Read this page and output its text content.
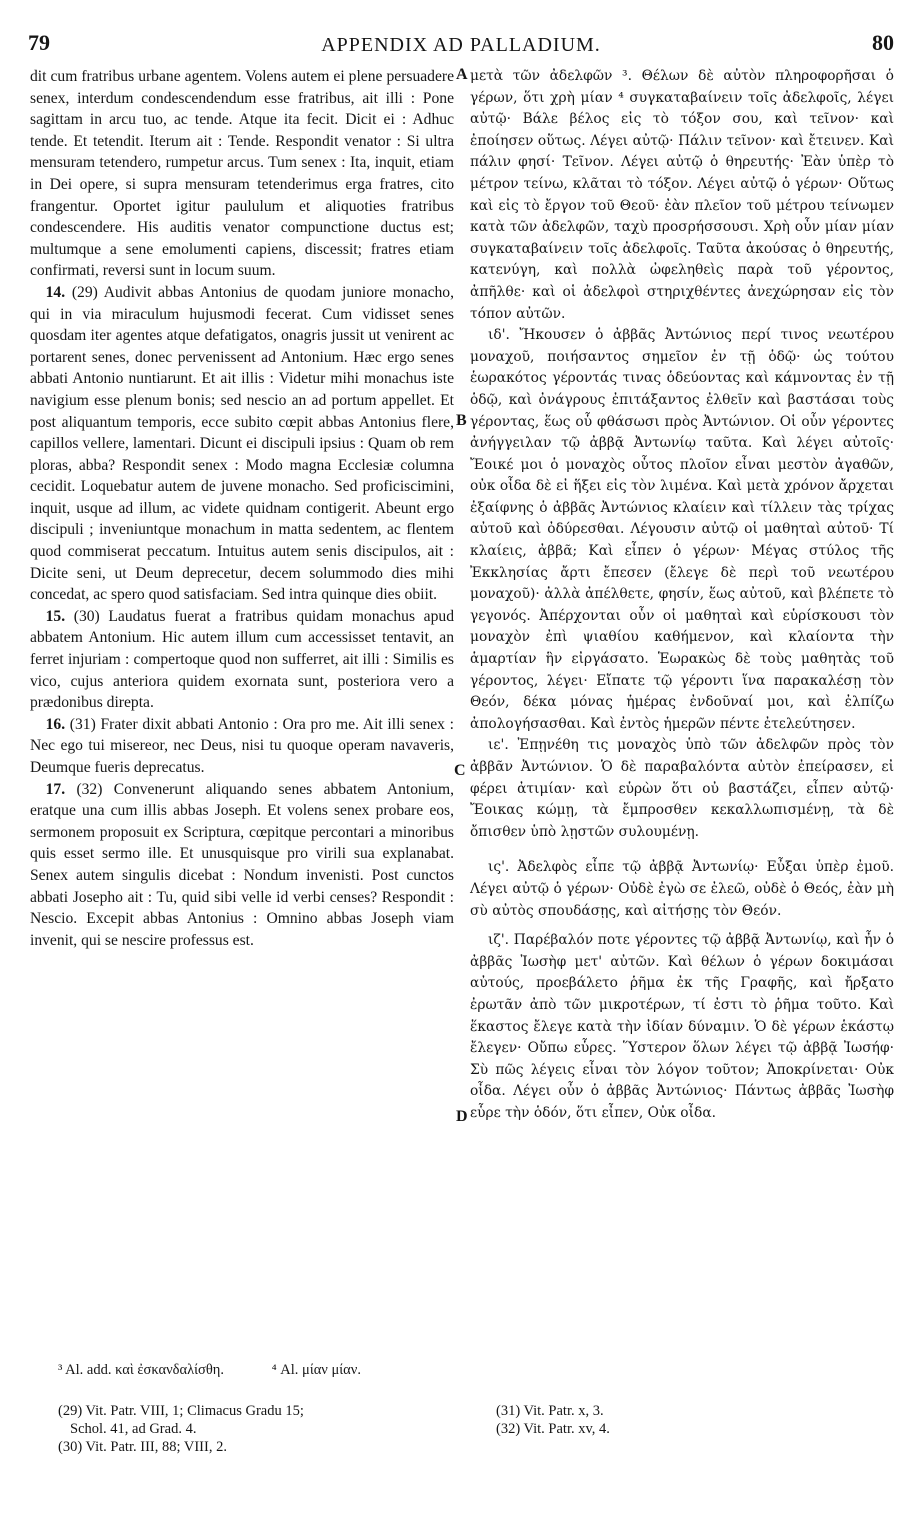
79	APPENDIX AD PALLADIUM.	80
A
B
C
D

dit cum fratribus urbane agentem. Volens autem ei plene persuadere senex, interdum condescendendum esse fratribus, ait illi : Pone sagittam in arcu tuo, ac tende. Atque ita fecit. Dicit ei : Adhuc tende. Et tetendit. Iterum ait : Tende. Respondit venator : Si ultra mensuram tetendero, rumpetur arcus. Tum senex : Ita, inquit, etiam in Dei opere, si supra mensuram tetenderimus erga fratres, cito frangentur. Oportet igitur paululum et aliquoties fratribus condescendere. His auditis venator compunctione ductus est; multumque a sene emolumenti capiens, discessit; fratres etiam confirmati, reversi sunt in locum suum.

 14. (29) Audivit abbas Antonius de quodam juniore monacho, qui in via miraculum hujusmodi fecerat. Cum vidisset senes quosdam iter agentes atque defatigatos, onagris jussit ut venirent ac portarent senes, donec pervenissent ad Antonium. Hæc ergo senes abbati Antonio nuntiarunt. Et ait illis : Videtur mihi monachus iste navigium esse plenum bonis; sed nescio an ad portum appellet. Et post aliquantum temporis, ecce subito cœpit abbas Antonius flere, capillos vellere, lamentari. Dicunt ei discipuli ipsius : Quam ob rem ploras, abba? Respondit senex : Modo magna Ecclesiæ columna cecidit. Loquebatur autem de juvene monacho. Sed proficiscimini, inquit, usque ad illum, ac videte quidnam contigerit. Abeunt ergo discipuli ; inveniuntque monachum in matta sedentem, ac flentem quod commiserat peccatum. Intuitus autem senis discipulos, ait : Dicite seni, ut Deum deprecetur, decem solummodo dies mihi concedat, ac spero quod satisfaciam. Sed intra quinque dies obiit.

 15. (30) Laudatus fuerat a fratribus quidam monachus apud abbatem Antonium. Hic autem illum cum accessisset tentavit, an ferret injuriam : compertoque quod non sufferret, ait illi : Similis es vico, cujus anteriora quidem exornata sunt, posteriora vero a prædonibus direpta.

 16. (31) Frater dixit abbati Antonio : Ora pro me. Ait illi senex : Nec ego tui misereor, nec Deus, nisi tu quoque operam navaveris, Deumque fueris deprecatus.

 17. (32) Convenerunt aliquando senes abbatem Antonium, eratque una cum illis abbas Joseph. Et volens senex probare eos, sermonem proposuit ex Scriptura, cœpitque percontari a minoribus quis esset sermo ille. Et unusquisque pro virili sua explanabat. Senex autem singulis dicebat : Nondum invenisti. Post cunctos abbati Josepho ait : Tu, quid sibi velle id verbi censes? Respondit : Nescio. Excepit abbas Antonius : Omnino abbas Joseph viam invenit, qui se nescire professus est.

μετὰ τῶν ἀδελφῶν ³. Θέλων δὲ αὐτὸν πληροφορῆσαι ὁ γέρων, ὅτι χρὴ μίαν ⁴ συγκαταβαίνειν τοῖς ἀδελφοῖς, λέγει αὐτῷ· Βάλε βέλος εἰς τὸ τόξον σου, καὶ τεῖνον· καὶ ἐποίησεν οὕτως. Λέγει αὐτῷ· Πάλιν τεῖνον· καὶ ἔτεινεν. Καὶ πάλιν φησί· Τεῖνον. Λέγει αὐτῷ ὁ θηρευτής· Ἐὰν ὑπὲρ τὸ μέτρον τείνω, κλᾶται τὸ τόξον. Λέγει αὐτῷ ὁ γέρων· Οὕτως καὶ εἰς τὸ ἔργον τοῦ Θεοῦ· ἐὰν πλεῖον τοῦ μέτρου τείνωμεν κατὰ τῶν ἀδελφῶν, ταχὺ προσρήσσουσι. Χρὴ οὖν μίαν μίαν συγκαταβαίνειν τοῖς ἀδελφοῖς. Ταῦτα ἀκούσας ὁ θηρευτής, κατενύγη, καὶ πολλὰ ὠφεληθεὶς παρὰ τοῦ γέροντος, ἀπῆλθε· καὶ οἱ ἀδελφοὶ στηριχθέντες ἀνεχώρησαν εἰς τὸν τόπον αὐτῶν.

ιδ'. Ἤκουσεν ὁ ἀββᾶς Ἀντώνιος περί τινος νεωτέρου μοναχοῦ, ποιήσαντος σημεῖον ἐν τῇ ὁδῷ· ὡς τούτου ἑωρακότος γέροντάς τινας ὁδεύοντας καὶ κάμνοντας ἐν τῇ ὁδῷ, καὶ ὀνάγρους ἐπιτάξαντος ἐλθεῖν καὶ βαστάσαι τοὺς γέροντας, ἕως οὗ φθάσωσι πρὸς Ἀντώνιον. Οἱ οὖν γέροντες ἀνήγγειλαν τῷ ἀββᾷ Ἀντωνίῳ ταῦτα. Καὶ λέγει αὐτοῖς· Ἔοικέ μοι ὁ μοναχὸς οὗτος πλοῖον εἶναι μεστὸν ἀγαθῶν, οὐκ οἶδα δὲ εἰ ἥξει εἰς τὸν λιμένα. Καὶ μετὰ χρόνον ἄρχεται ἐξαίφνης ὁ ἀββᾶς Ἀντώνιος κλαίειν καὶ τίλλειν τὰς τρίχας αὐτοῦ καὶ ὀδύρεσθαι. Λέγουσιν αὐτῷ οἱ μαθηταὶ αὐτοῦ· Τί κλαίεις, ἀββᾶ; Καὶ εἶπεν ὁ γέρων· Μέγας στύλος τῆς Ἐκκλησίας ἄρτι ἔπεσεν (ἔλεγε δὲ περὶ τοῦ νεωτέρου μοναχοῦ)· ἀλλὰ ἀπέλθετε, φησίν, ἕως αὐτοῦ, καὶ βλέπετε τὸ γεγονός. Ἀπέρχονται οὖν οἱ μαθηταὶ καὶ εὑρίσκουσι τὸν μοναχὸν ἐπὶ ψιαθίου καθήμενον, καὶ κλαίοντα τὴν ἁμαρτίαν ἣν εἰργάσατο. Ἑωρακὼς δὲ τοὺς μαθητὰς τοῦ γέροντος, λέγει· Εἴπατε τῷ γέροντι ἵνα παρακαλέσῃ τὸν Θεόν, δέκα μόνας ἡμέρας ἐνδοῦναί μοι, καὶ ἐλπίζω ἀπολογήσασθαι. Καὶ ἐντὸς ἡμερῶν πέντε ἐτελεύτησεν.

ιε'. Ἐπῃνέθη τις μοναχὸς ὑπὸ τῶν ἀδελφῶν πρὸς τὸν ἀββᾶν Ἀντώνιον. Ὁ δὲ παραβαλόντα αὐτὸν ἐπείρασεν, εἰ φέρει ἀτιμίαν· καὶ εὑρὼν ὅτι οὐ βαστάζει, εἶπεν αὐτῷ· Ἔοικας κώμῃ, τὰ ἔμπροσθεν κεκαλλωπισμένῃ, τὰ δὲ ὄπισθεν ὑπὸ λῃστῶν συλουμένῃ.

ις'. Ἀδελφὸς εἶπε τῷ ἀββᾷ Ἀντωνίῳ· Εὖξαι ὑπὲρ ἐμοῦ. Λέγει αὐτῷ ὁ γέρων· Οὐδὲ ἐγὼ σε ἐλεῶ, οὐδὲ ὁ Θεός, ἐὰν μὴ σὺ αὐτὸς σπουδάσῃς, καὶ αἰτήσῃς τὸν Θεόν.

ιζ'. Παρέβαλόν ποτε γέροντες τῷ ἀββᾷ Ἀντωνίῳ, καὶ ἦν ὁ ἀββᾶς Ἰωσὴφ μετ' αὐτῶν. Καὶ θέλων ὁ γέρων δοκιμάσαι αὐτούς, προεβάλετο ῥῆμα ἐκ τῆς Γραφῆς, καὶ ἤρξατο ἐρωτᾶν ἀπὸ τῶν μικροτέρων, τί ἐστι τὸ ῥῆμα τοῦτο. Καὶ ἕκαστος ἔλεγε κατὰ τὴν ἰδίαν δύναμιν. Ὁ δὲ γέρων ἑκάστῳ ἔλεγεν· Οὔπω εὗρες. Ὕστερον ὅλων λέγει τῷ ἀββᾷ Ἰωσήφ· Σὺ πῶς λέγεις εἶναι τὸν λόγον τοῦτον; Ἀποκρίνεται· Οὐκ οἶδα. Λέγει οὖν ὁ ἀββᾶς Ἀντώνιος· Πάντως ἀββᾶς Ἰωσὴφ εὗρε τὴν ὁδόν, ὅτι εἶπεν, Οὐκ οἶδα.

³ Al. add. καὶ ἐσκανδαλίσθη.	⁴ Al. μίαν μίαν.
(29) Vit. Patr. VIII, 1; Climacus Gradu 15;
Schol. 41, ad Grad. 4.
(30) Vit. Patr. III, 88; VIII, 2.
(31) Vit. Patr. x, 3.
(32) Vit. Patr. xv, 4.
